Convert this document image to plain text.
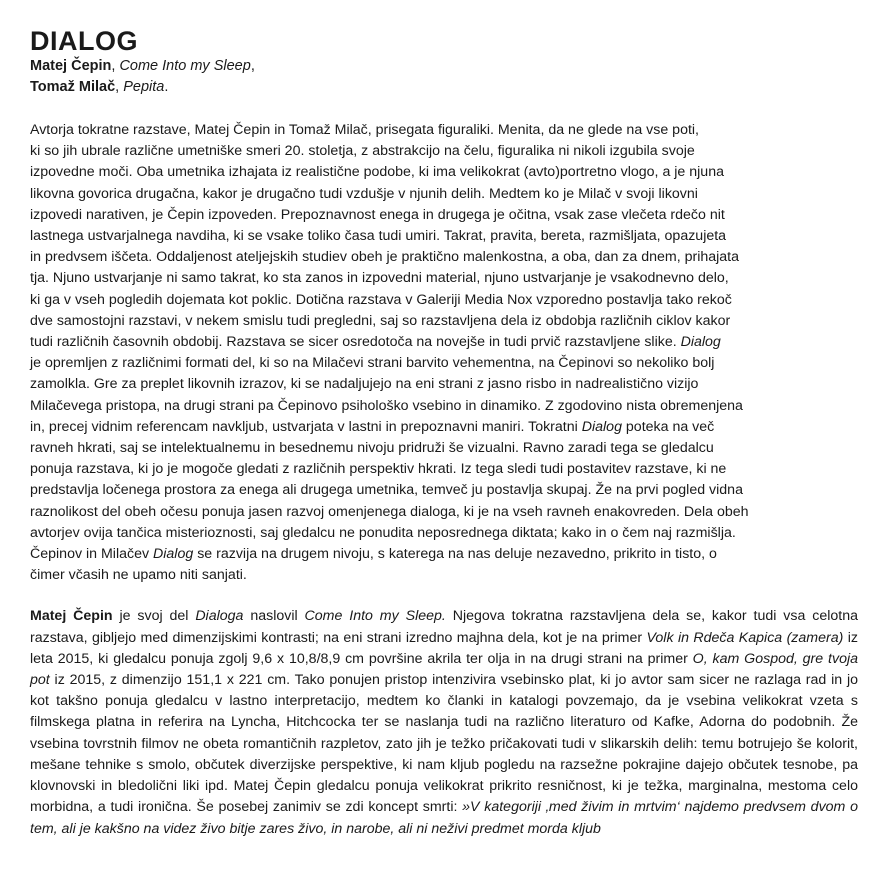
DIALOG

Matej Čepin, Come Into my Sleep,

Tomaž Milač, Pepita.

Avtorja tokratne razstave, Matej Čepin in Tomaž Milač, prisegata figuraliki. Menita, da ne glede na vse poti,

ki so jih ubrale različne umetniške smeri 20. stoletja, z abstrakcijo na čelu, figuralika ni nikoli izgubila svoje

izpovedne moči. Oba umetnika izhajata iz realistične podobe, ki ima velikokrat (avto)portretno vlogo, a je njuna

likovna govorica drugačna, kakor je drugačno tudi vzdušje v njunih delih. Medtem ko je Milač v svoji likovni

izpovedi narativen, je Čepin izpoveden. Prepoznavnost enega in drugega je očitna, vsak zase vlečeta rdečo nit

lastnega ustvarjalnega navdiha, ki se vsake toliko časa tudi umiri. Takrat, pravita, bereta, razmišljata, opazujeta

in predvsem iščeta. Oddaljenost ateljejskih studiev obeh je praktično malenkostna, a oba, dan za dnem, prihajata

tja. Njuno ustvarjanje ni samo takrat, ko sta zanos in izpovedni material, njuno ustvarjanje je vsakodnevno delo,

ki ga v vseh pogledih dojemata kot poklic. Dotična razstava v Galeriji Media Nox vzporedno postavlja tako rekoč

dve samostojni razstavi, v nekem smislu tudi pregledni, saj so razstavljena dela iz obdobja različnih ciklov kakor

tudi različnih časovnih obdobij. Razstava se sicer osredotoča na novejše in tudi prvič razstavljene slike. Dialog

je opremljen z različnimi formati del, ki so na Milačevi strani barvito vehementna, na Čepinovi so nekoliko bolj

zamolkla. Gre za preplet likovnih izrazov, ki se nadaljujejo na eni strani z jasno risbo in nadrealistično vizijo

Milačevega pristopa, na drugi strani pa Čepinovo psihološko vsebino in dinamiko. Z zgodovino nista obremenjena

in, precej vidnim referencam navkljub, ustvarjata v lastni in prepoznavni maniri. Tokratni Dialog poteka na več

ravneh hkrati, saj se intelektualnemu in besednemu nivoju pridruži še vizualni. Ravno zaradi tega se gledalcu

ponuja razstava, ki jo je mogoče gledati z različnih perspektiv hkrati. Iz tega sledi tudi postavitev razstave, ki ne

predstavlja ločenega prostora za enega ali drugega umetnika, temveč ju postavlja skupaj. Že na prvi pogled vidna

raznolikost del obeh očesu ponuja jasen razvoj omenjenega dialoga, ki je na vseh ravneh enakovreden. Dela obeh

avtorjev ovija tančica misterioznosti, saj gledalcu ne ponudita neposrednega diktata; kako in o čem naj razmišlja.

Čepinov in Milačev Dialog se razvija na drugem nivoju, s katerega na nas deluje nezavedno, prikrito in tisto, o

čimer včasih ne upamo niti sanjati.

Matej Čepin je svoj del Dialoga naslovil Come Into my Sleep. Njegova tokratna razstavljena dela se, kakor tudi vsa celotna razstava, gibljejo med dimenzijskimi kontrasti; na eni strani izredno majhna dela, kot je na primer Volk in Rdeča Kapica (zamera) iz leta 2015, ki gledalcu ponuja zgolj 9,6 x 10,8/8,9 cm površine akrila ter olja in na drugi strani na primer O, kam Gospod, gre tvoja pot iz 2015, z dimenzijo 151,1 x 221 cm. Tako ponujen pristop intenzivira vsebinsko plat, ki jo avtor sam sicer ne razlaga rad in jo kot takšno ponuja gledalcu v lastno interpretacijo, medtem ko članki in katalogi povzemajo, da je vsebina velikokrat vzeta s filmskega platna in referira na Lyncha, Hitchcocka ter se naslanja tudi na različno literaturo od Kafke, Adorna do podobnih. Že vsebina tovrstnih filmov ne obeta romantičnih razpletov, zato jih je težko pričakovati tudi v slikarskih delih: temu botrujejo še kolorit, mešane tehnike s smolo, občutek diverzijske perspektive, ki nam kljub pogledu na razsežne pokrajine dajejo občutek tesnobe, pa klovnovski in bledolični liki ipd. Matej Čepin gledalcu ponuja velikokrat prikrito resničnost, ki je težka, marginalna, mestoma celo morbidna, a tudi ironična. Še posebej zanimiv se zdi koncept smrti: »V kategoriji ‚med živim in mrtvim‘ najdemo predvsem dvom o tem, ali je kakšno na videz živo bitje zares živo, in narobe, ali ni neživi predmet morda kljub
